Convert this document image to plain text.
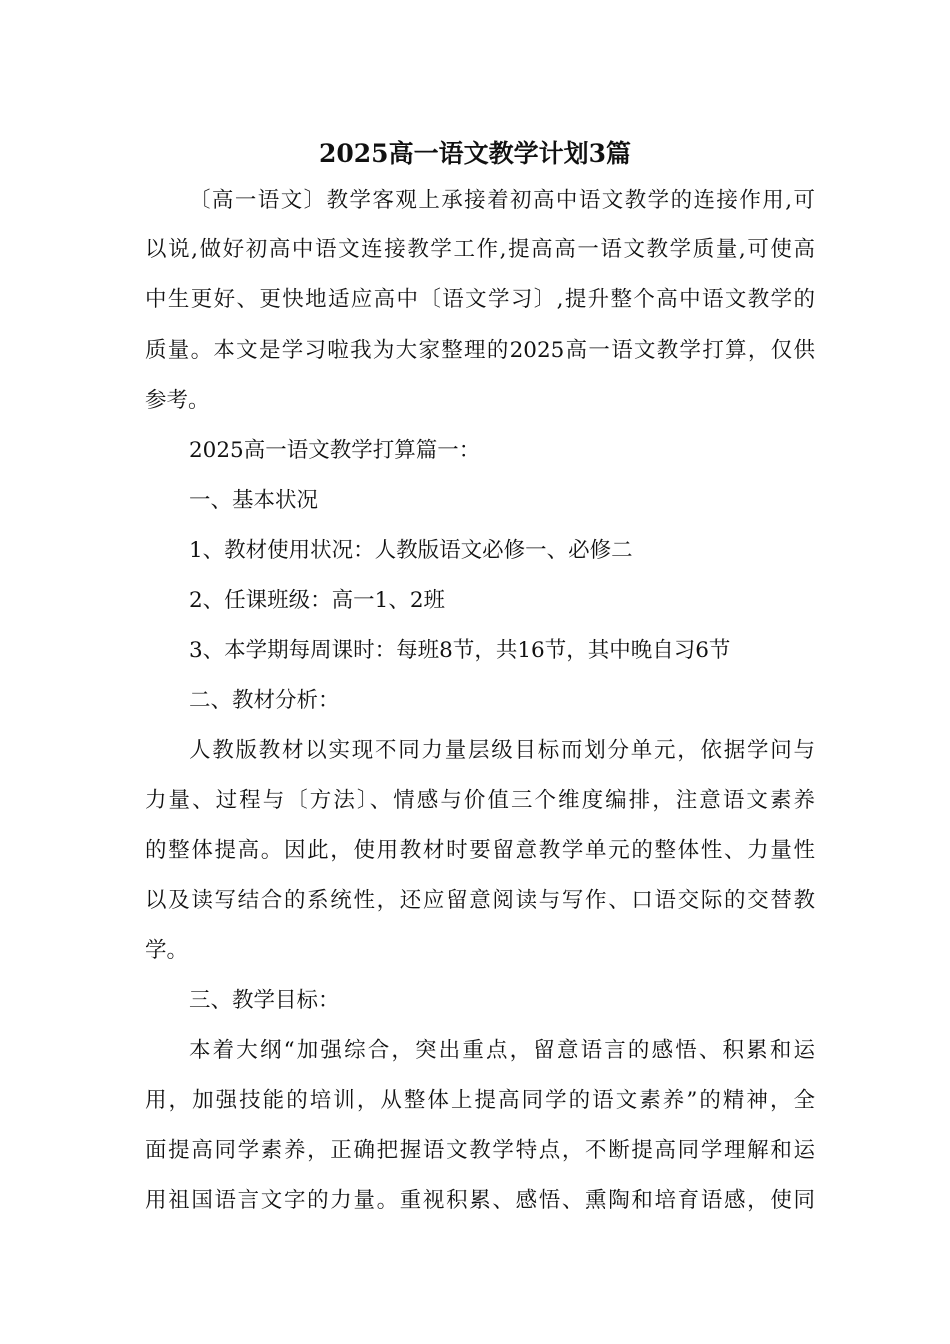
2025高一语文教学计划3篇

〔高一语文〕教学客观上承接着初高中语文教学的连接作用,可

以说,做好初高中语文连接教学工作,提高高一语文教学质量,可使高

中生更好、更快地适应高中〔语文学习〕,提升整个高中语文教学的

质量。本文是学习啦我为大家整理的2025高一语文教学打算，仅供

参考。

2025高一语文教学打算篇一：

一、基本状况

1、教材使用状况：人教版语文必修一、必修二

2、任课班级：高一1、2班

3、本学期每周课时：每班8节，共16节，其中晚自习6节

二、教材分析：

人教版教材以实现不同力量层级目标而划分单元，依据学问与

力量、过程与〔方法〕、情感与价值三个维度编排，注意语文素养

的整体提高。因此，使用教材时要留意教学单元的整体性、力量性

以及读写结合的系统性，还应留意阅读与写作、口语交际的交替教

学。

三、教学目标：

本着大纲“加强综合，突出重点，留意语言的感悟、积累和运

用，加强技能的培训，从整体上提高同学的语文素养”的精神，全

面提高同学素养，正确把握语文教学特点，不断提高同学理解和运

用祖国语言文字的力量。重视积累、感悟、熏陶和培育语感，使同
